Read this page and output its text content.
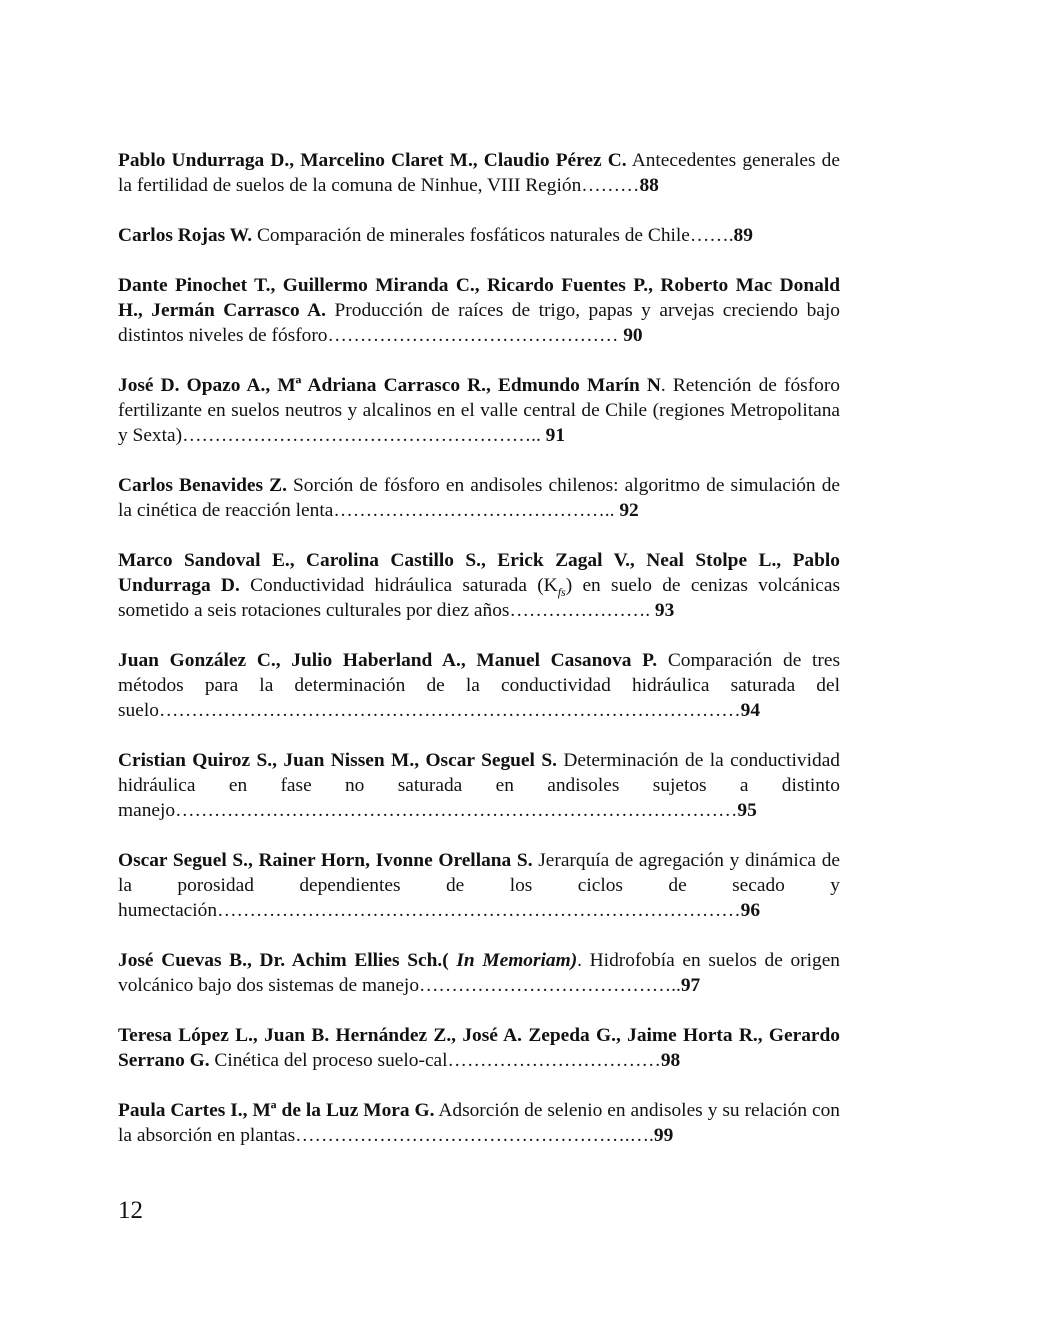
Pablo Undurraga D., Marcelino Claret M., Claudio Pérez C. Antecedentes generales de la fertilidad de suelos de la comuna de Ninhue, VIII Región………88

Carlos Rojas W. Comparación de minerales fosfáticos naturales de Chile…….89

Dante Pinochet T., Guillermo Miranda C., Ricardo Fuentes P., Roberto Mac Donald H., Jermán Carrasco A. Producción de raíces de trigo, papas y arvejas creciendo bajo distintos niveles de fósforo……………………………………… 90

José D. Opazo A., Mª Adriana Carrasco R., Edmundo Marín N. Retención de fósforo fertilizante en suelos neutros y alcalinos en el valle central de Chile (regiones Metropolitana y Sexta)……………………………………………….. 91

Carlos Benavides Z. Sorción de fósforo en andisoles chilenos: algoritmo de simulación de la cinética de reacción lenta…………………………………….. 92

Marco Sandoval E., Carolina Castillo S., Erick Zagal V., Neal Stolpe L., Pablo Undurraga D. Conductividad hidráulica saturada $(K_{fs})$ en suelo de cenizas volcánicas sometido a seis rotaciones culturales por diez años…………………. 93

Juan González C., Julio Haberland A., Manuel Casanova P. Comparación de tres métodos para la determinación de la conductividad hidráulica saturada del suelo………………………………………………………………………………94

Cristian Quiroz S., Juan Nissen M., Oscar Seguel S. Determinación de la conductividad hidráulica en fase no saturada en andisoles sujetos a distinto manejo……………………………………………………………………………95

Oscar Seguel S., Rainer Horn, Ivonne Orellana S. Jerarquía de agregación y dinámica de la porosidad dependientes de los ciclos de secado y humectación………………………………………………………………………96

José Cuevas B., Dr. Achim Ellies Sch.( In Memoriam). Hidrofobía en suelos de origen volcánico bajo dos sistemas de manejo…………………………………..97

Teresa López L., Juan B. Hernández Z., José A. Zepeda G., Jaime Horta R., Gerardo Serrano G. Cinética del proceso suelo-cal……………………………98

Paula Cartes I., Mª de la Luz Mora G. Adsorción de selenio en andisoles y su relación con la absorción en plantas…………………………………………….….99

12
